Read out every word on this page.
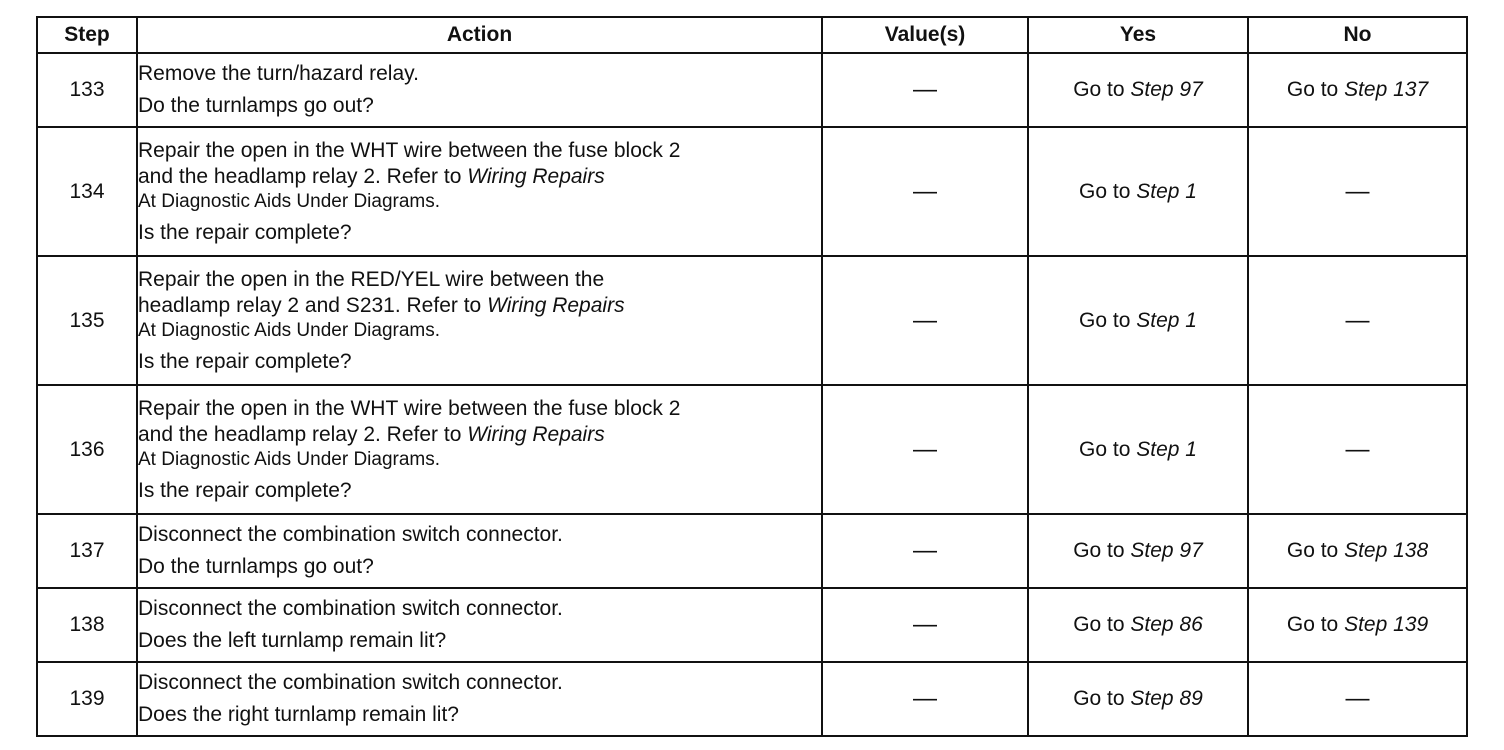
Step	Action	Value(s)	Yes	No
133	Remove the turn/hazard relay.
Do the turnlamps go out?	—	Go to Step 97	Go to Step 137
134	Repair the open in the WHT wire between the fuse block 2
and the headlamp relay 2. Refer to Wiring Repairs
At Diagnostic Aids Under Diagrams.
Is the repair complete?	—	Go to Step 1	—
135	Repair the open in the RED/YEL wire between the
headlamp relay 2 and S231. Refer to Wiring Repairs
At Diagnostic Aids Under Diagrams.
Is the repair complete?	—	Go to Step 1	—
136	Repair the open in the WHT wire between the fuse block 2
and the headlamp relay 2. Refer to Wiring Repairs
At Diagnostic Aids Under Diagrams.
Is the repair complete?	—	Go to Step 1	—
137	Disconnect the combination switch connector.
Do the turnlamps go out?	—	Go to Step 97	Go to Step 138
138	Disconnect the combination switch connector.
Does the left turnlamp remain lit?	—	Go to Step 86	Go to Step 139
139	Disconnect the combination switch connector.
Does the right turnlamp remain lit?	—	Go to Step 89	—
